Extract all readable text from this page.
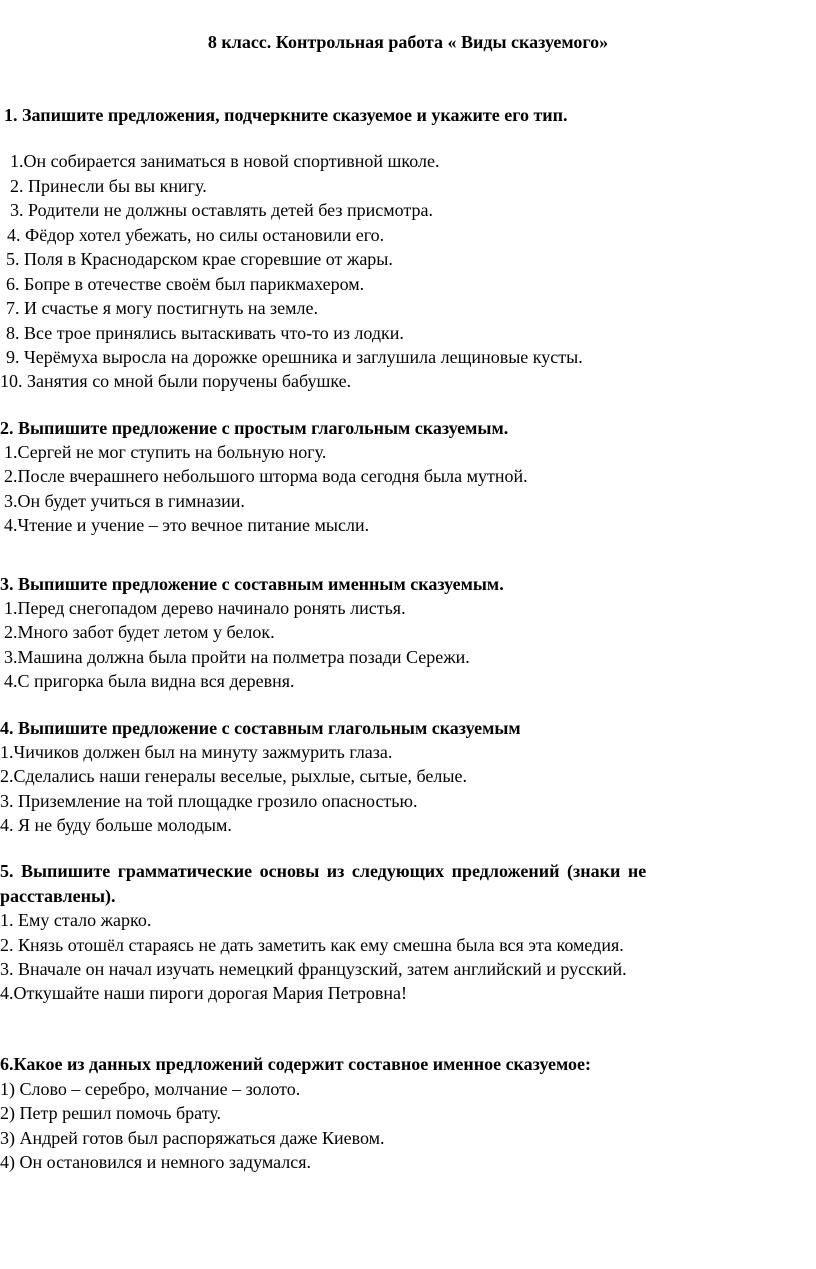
8 класс. Контрольная работа « Виды сказуемого»
1. Запишите предложения, подчеркните сказуемое и укажите его тип.
1.Он собирается заниматься в новой спортивной школе.
2. Принесли бы вы книгу.
3. Родители не должны оставлять детей без присмотра.
4. Фёдор хотел убежать, но силы остановили его.
5. Поля в Краснодарском крае сгоревшие от жары.
6. Бопре в отечестве своём был парикмахером.
7. И счастье я могу постигнуть на земле.
8. Все трое принялись вытаскивать что-то из лодки.
9. Черёмуха выросла на дорожке орешника и заглушила лещиновые кусты.
10. Занятия со мной были поручены бабушке.
2. Выпишите предложение с простым глагольным сказуемым.
1.Сергей не мог ступить на больную ногу.
2.После вчерашнего небольшого шторма вода сегодня была мутной.
3.Он будет учиться в гимназии.
4.Чтение и учение – это вечное питание мысли.
3. Выпишите предложение с составным именным сказуемым.
1.Перед снегопадом дерево начинало ронять листья.
2.Много забот будет летом у белок.
3.Машина должна была пройти на полметра позади Сережи.
4.С пригорка была видна вся деревня.
4. Выпишите предложение с составным глагольным сказуемым
1.Чичиков должен был на минуту зажмурить глаза.
2.Сделались наши генералы веселые, рыхлые, сытые, белые.
3. Приземление на той площадке грозило опасностью.
4. Я не буду больше молодым.
5. Выпишите грамматические основы из следующих предложений (знаки не
расставлены).
1. Ему стало жарко.
2. Князь отошёл стараясь не дать заметить как ему смешна была вся эта комедия.
3. Вначале он начал изучать немецкий французский, затем английский и русский.
4.Откушайте наши пироги дорогая Мария Петровна!
6.Какое из данных предложений содержит составное именное сказуемое:
1) Слово – серебро, молчание – золото.
2) Петр решил помочь брату.
3) Андрей готов был распоряжаться даже Киевом.
4) Он остановился и немного задумался.
